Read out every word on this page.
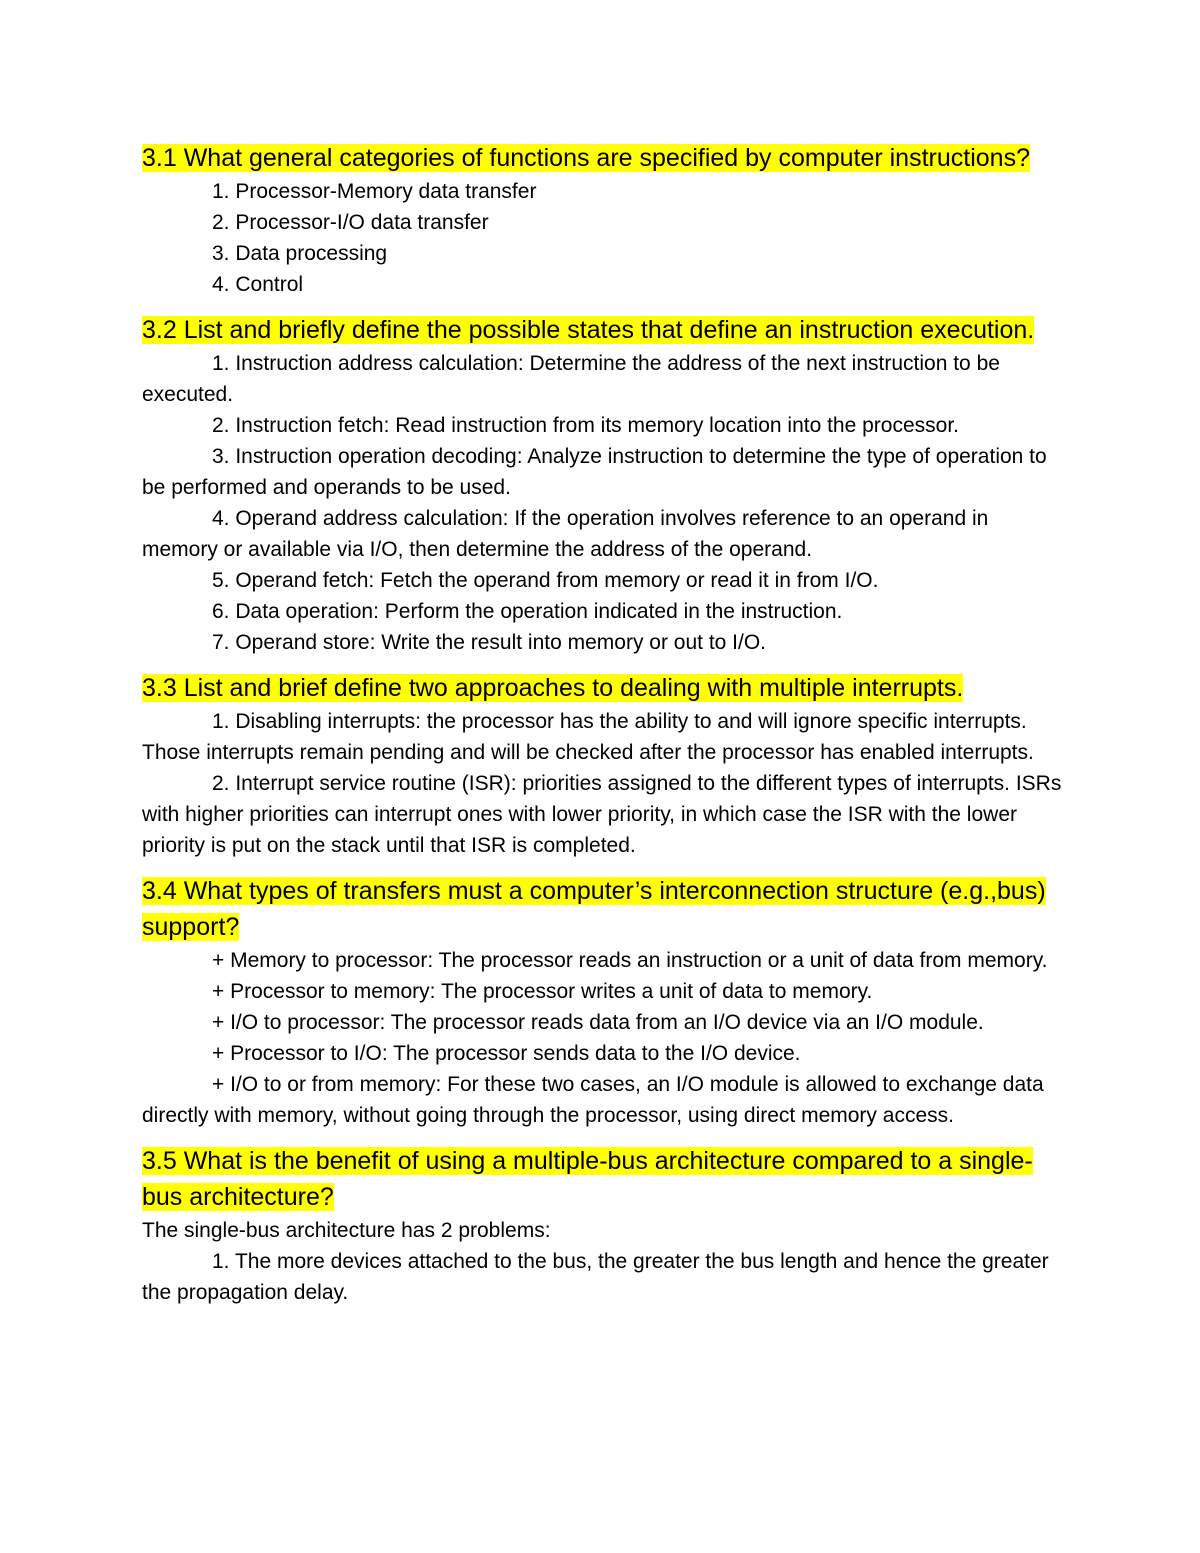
3.1 What general categories of functions are specified by computer instructions?

1. Processor-Memory data transfer

2. Processor-I/O data transfer

3. Data processing

4. Control

3.2 List and briefly define the possible states that define an instruction execution.

1. Instruction address calculation: Determine the address of the next instruction to be executed.

2. Instruction fetch: Read instruction from its memory location into the processor.

3. Instruction operation decoding: Analyze instruction to determine the type of operation to be performed and operands to be used.

4. Operand address calculation: If the operation involves reference to an operand in memory or available via I/O, then determine the address of the operand.

5. Operand fetch: Fetch the operand from memory or read it in from I/O.

6. Data operation: Perform the operation indicated in the instruction.

7. Operand store: Write the result into memory or out to I/O.

3.3 List and brief define two approaches to dealing with multiple interrupts.

1. Disabling interrupts: the processor has the ability to and will ignore specific interrupts. Those interrupts remain pending and will be checked after the processor has enabled interrupts.

2. Interrupt service routine (ISR): priorities assigned to the different types of interrupts. ISRs with higher priorities can interrupt ones with lower priority, in which case the ISR with the lower priority is put on the stack until that ISR is completed.

3.4 What types of transfers must a computer’s interconnection structure (e.g.,bus) support?

+ Memory to processor: The processor reads an instruction or a unit of data from memory.

+ Processor to memory: The processor writes a unit of data to memory.

+ I/O to processor: The processor reads data from an I/O device via an I/O module.

+ Processor to I/O: The processor sends data to the I/O device.

+ I/O to or from memory: For these two cases, an I/O module is allowed to exchange data directly with memory, without going through the processor, using direct memory access.

3.5 What is the benefit of using a multiple-bus architecture compared to a single-bus architecture?

The single-bus architecture has 2 problems:

1. The more devices attached to the bus, the greater the bus length and hence the greater the propagation delay.
